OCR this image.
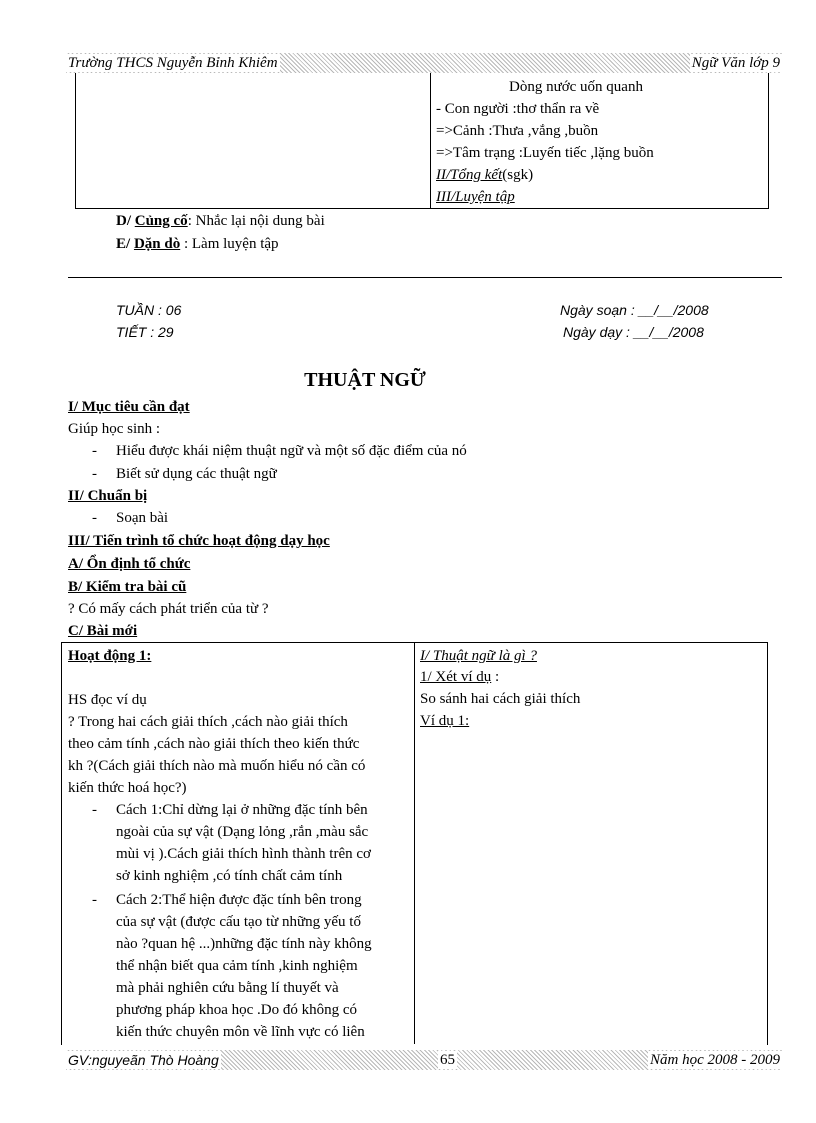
Trường THCS Nguyễn Bỉnh Khiêm	Ngữ Văn lớp 9
Dòng nước uốn quanh
- Con người :thơ thẩn ra về
=>Cảnh :Thưa ,vắng ,buồn
=>Tâm trạng :Luyến tiếc ,lặng buồn
II/Tổng kết(sgk)
III/Luyện tập
D/ Củng cố: Nhắc lại nội dung bài
E/ Dặn dò : Làm luyện tập
TUẦN : 06
TIẾT : 29
Ngày soạn : __/__/2008
Ngày dạy : __/__/2008
THUẬT NGỮ
I/ Mục tiêu cần đạt
Giúp học sinh :
- Hiểu được khái niệm thuật ngữ và một số đặc điểm của nó
- Biết sử dụng các thuật ngữ
II/ Chuẩn bị
- Soạn bài
III/ Tiến trình tổ chức hoạt động dạy học
A/ Ổn định tổ chức
B/ Kiểm tra bài cũ
? Có mấy cách phát triển của từ ?
C/ Bài mới
Hoạt động 1:
HS đọc ví dụ
? Trong hai cách giải thích ,cách nào giải thích
theo cảm tính ,cách nào giải thích theo kiến thức
kh ?(Cách giải thích nào mà muốn hiểu nó cần có
kiến thức hoá học?)
- Cách 1:Chỉ dừng lại ở những đặc tính bên
ngoài của sự vật (Dạng lỏng ,rắn ,màu sắc
mùi vị ).Cách giải thích hình thành trên cơ
sở kinh nghiệm ,có tính chất cảm tính
- Cách 2:Thể hiện được đặc tính bên trong
của sự vật (được cấu tạo từ những yếu tố
nào ?quan hệ ...)những đặc tính này không
thể nhận biết qua cảm tính ,kinh nghiệm
mà phải nghiên cứu bằng lí thuyết và
phương pháp khoa học .Do đó không có
kiến thức chuyên môn về lĩnh vực có liên
I/ Thuật ngữ là gì ?
1/ Xét ví dụ :
So sánh hai cách giải thích
Ví dụ 1:
GV:nguyeãn Thò Hoàng	65	Năm học 2008 - 2009
